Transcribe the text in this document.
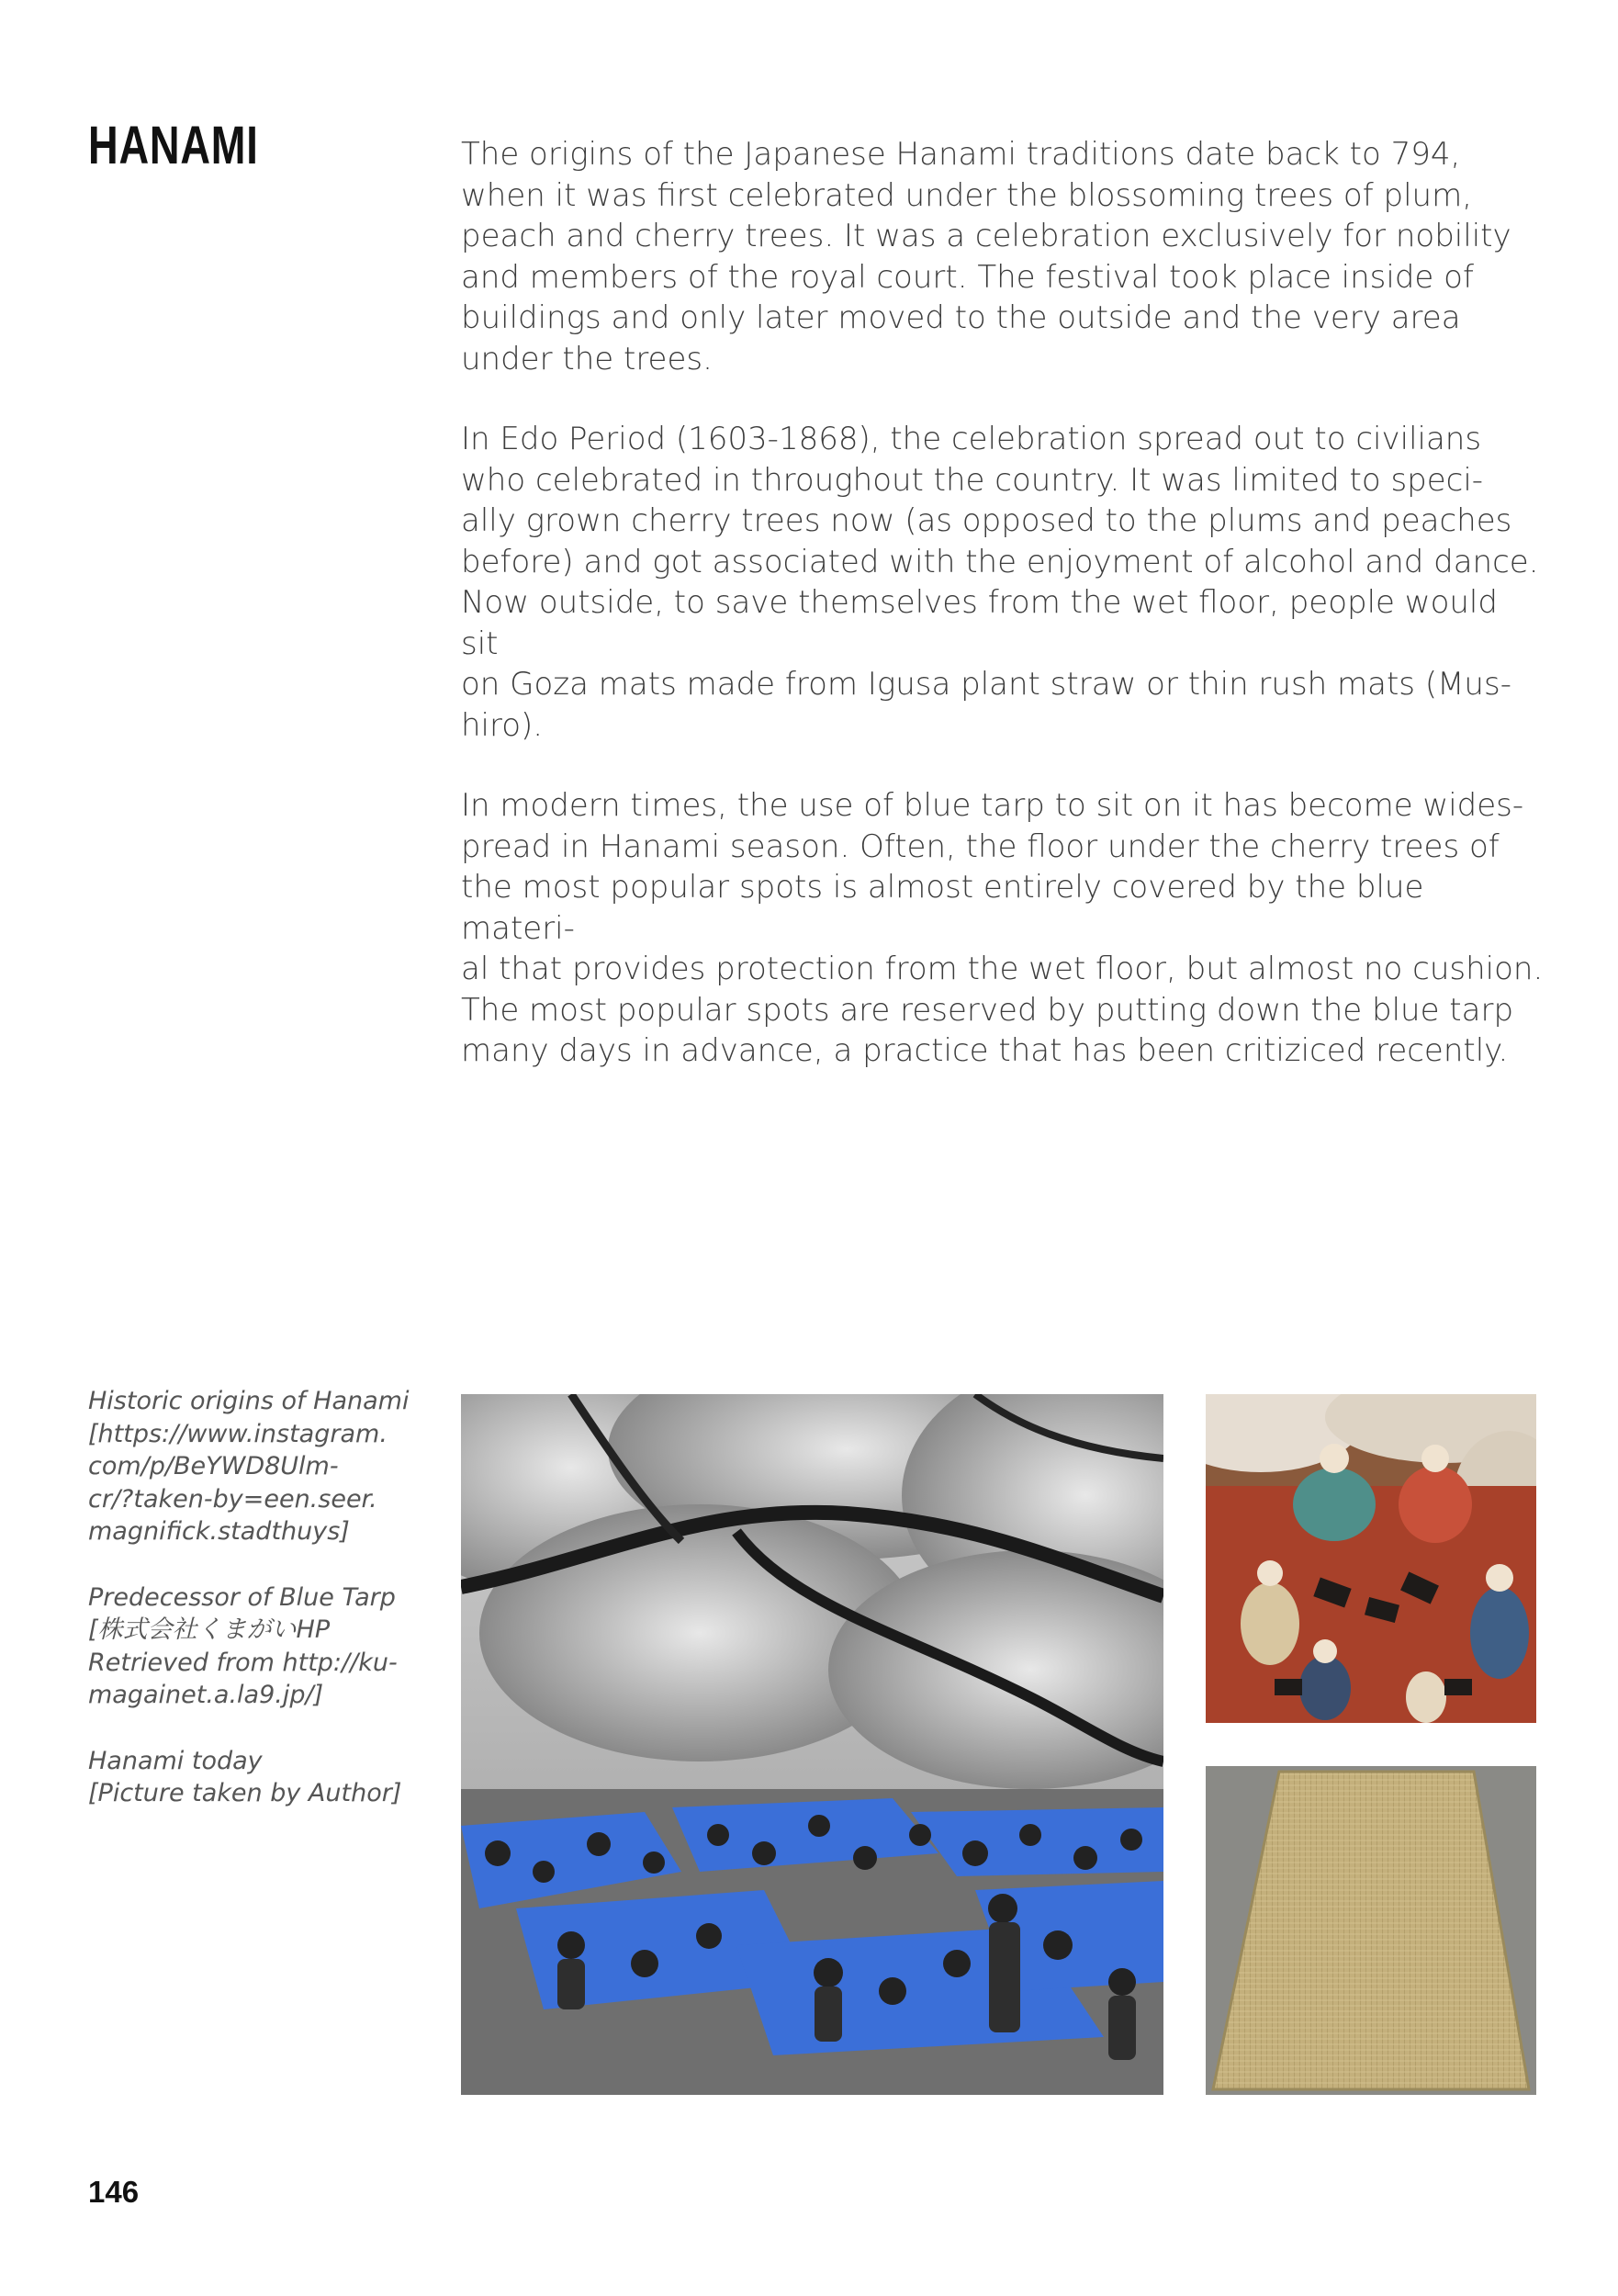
HANAMI	The origins of the Japanese Hanami traditions date back to 794,
when it was first celebrated under the blossoming trees of plum,
peach and cherry trees. It was a celebration exclusively for nobility
and members of the royal court. The festival took place inside of
buildings and only later moved to the outside and the very area
under the trees.

In Edo Period (1603-1868), the celebration spread out to civilians
who celebrated in throughout the country. It was limited to speci-
ally grown cherry trees now (as opposed to the plums and peaches
before) and got associated with the enjoyment of alcohol and dance.
Now outside, to save themselves from the wet floor, people would sit
on Goza mats made from Igusa plant straw or thin rush mats (Mus-
hiro).

In modern times, the use of blue tarp to sit on it has become wides-
pread in Hanami season. Often, the floor under the cherry trees of
the most popular spots is almost entirely covered by the blue materi-
al that provides protection from the wet floor, but almost no cushion.
The most popular spots are reserved by putting down the blue tarp
many days in advance, a practice that has been critiziced recently.

Historic origins of Hanami
[https://www.instagram.
com/p/BeYWD8Ulm-
cr/?taken-by=een.seer.
magnifick.stadthuys]

Predecessor of Blue Tarp
[株式会社くまがいHP
Retrieved from http://ku-
magainet.a.la9.jp/]

Hanami today
[Picture taken by Author]

146
